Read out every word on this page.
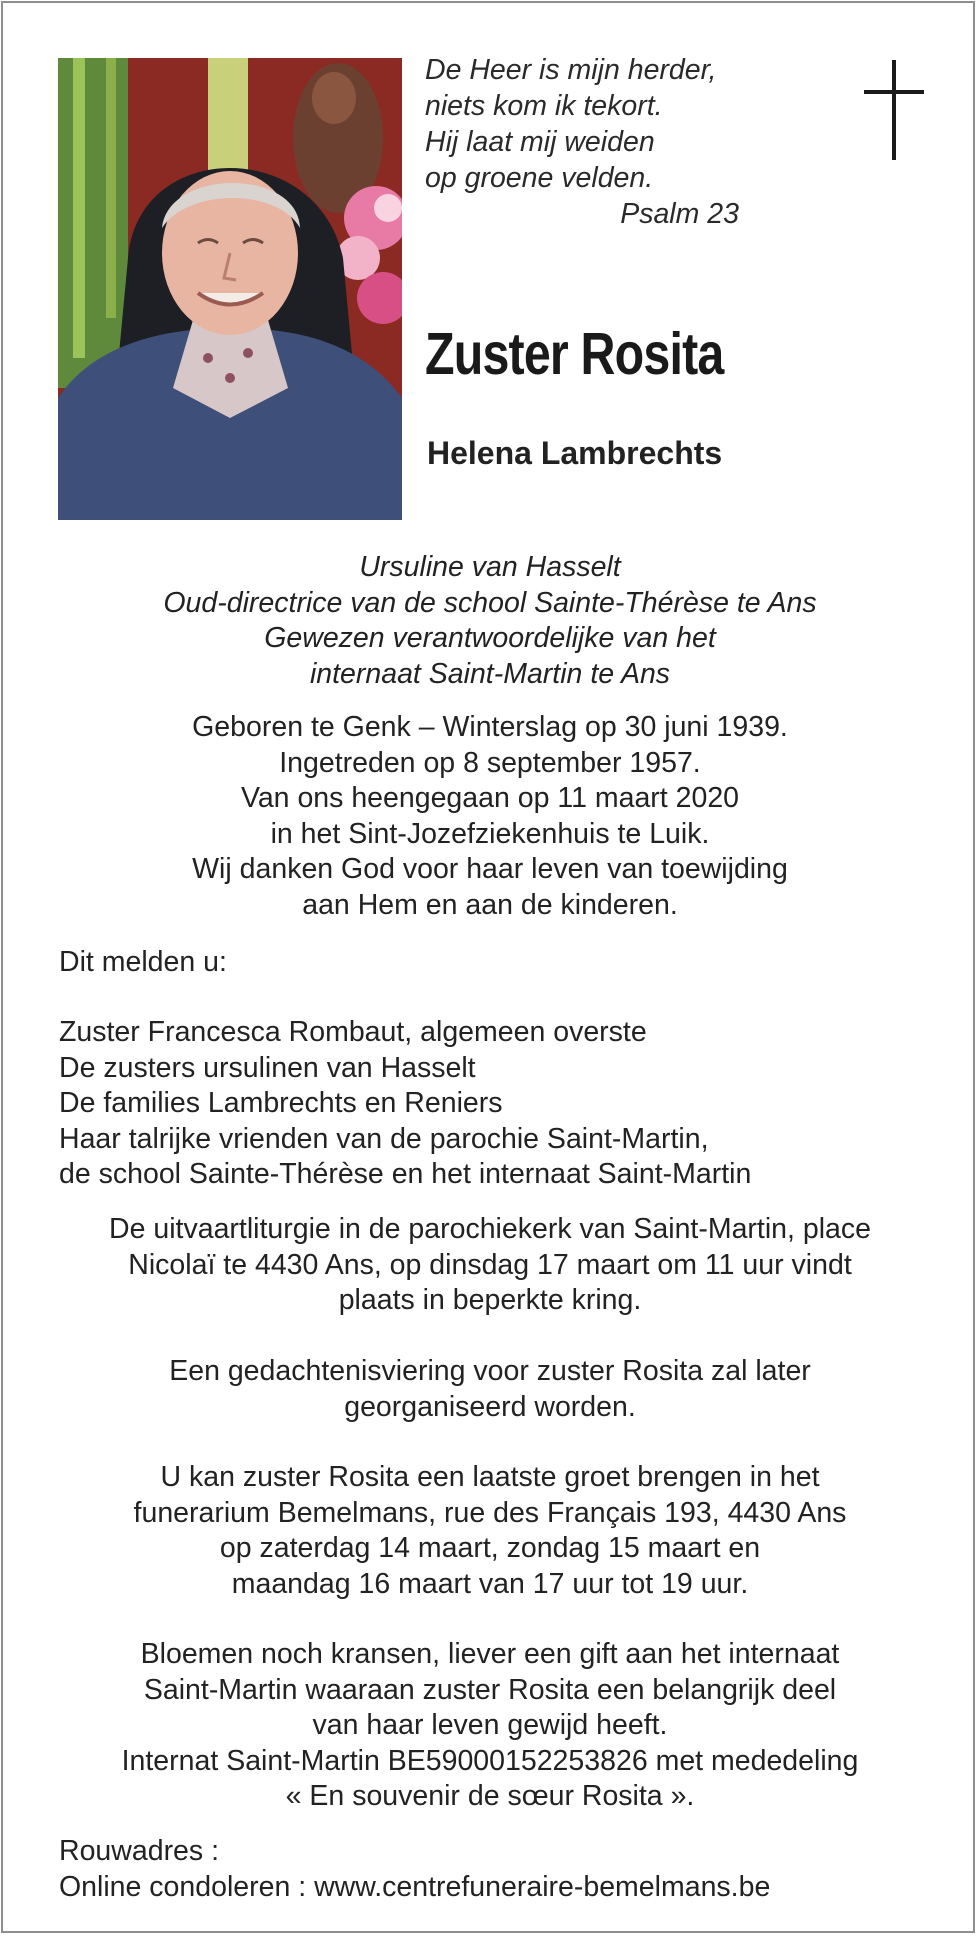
De Heer is mijn herder,
niets kom ik tekort.
Hij laat mij weiden
op groene velden.
Psalm 23
Zuster Rosita
Helena Lambrechts
Ursuline van Hasselt
Oud-directrice van de school Sainte-Thérèse te Ans
Gewezen verantwoordelijke van het
internaat Saint-Martin te Ans
Geboren te Genk – Winterslag op 30 juni 1939.
Ingetreden op 8 september 1957.
Van ons heengegaan op 11 maart 2020
in het Sint-Jozefziekenhuis te Luik.
Wij danken God voor haar leven van toewijding
aan Hem en aan de kinderen.
Dit melden u:
Zuster Francesca Rombaut, algemeen overste
De zusters ursulinen van Hasselt
De families Lambrechts en Reniers
Haar talrijke vrienden van de parochie Saint-Martin,
de school Sainte-Thérèse en het internaat Saint-Martin
De uitvaartliturgie in de parochiekerk van Saint-Martin, place
Nicolaï te 4430 Ans, op dinsdag 17 maart om 11 uur vindt
plaats in beperkte kring.
Een gedachtenisviering voor zuster Rosita zal later
georganiseerd worden.
U kan zuster Rosita een laatste groet brengen in het
funerarium Bemelmans, rue des Français 193, 4430 Ans
op zaterdag 14 maart, zondag 15 maart en
maandag 16 maart van 17 uur tot 19 uur.
Bloemen noch kransen, liever een gift aan het internaat
Saint-Martin waaraan zuster Rosita een belangrijk deel
van haar leven gewijd heeft.
Internat Saint-Martin BE59000152253826 met mededeling
« En souvenir de sœur Rosita ».
Rouwadres :
Online condoleren : www.centrefuneraire-bemelmans.be
